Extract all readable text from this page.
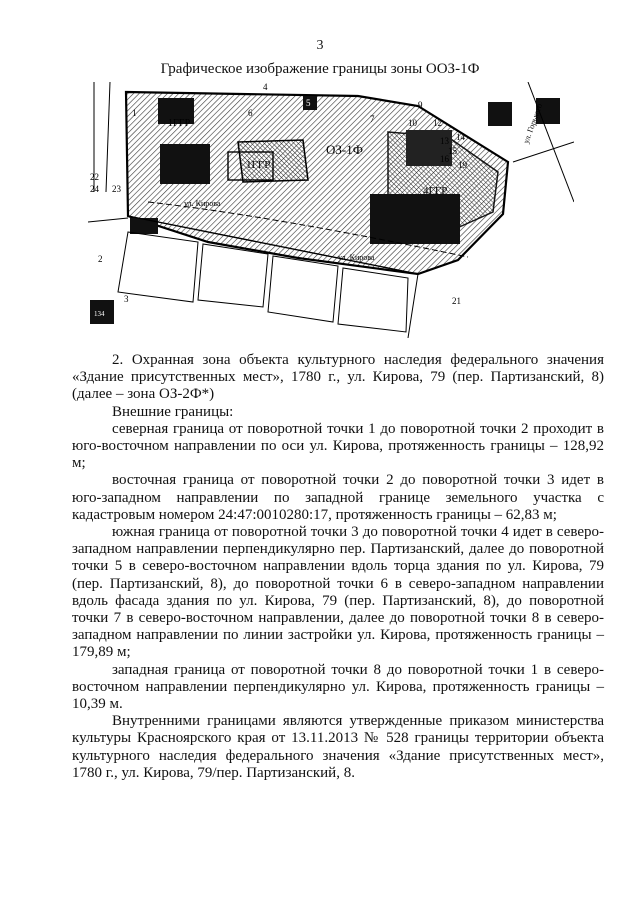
3
Графическое изображение границы зоны ООЗ-1Ф
ОЗ-1Ф
1ГГР
4ГГР
1ГГР
ул. Кирова
ул. Кирова
ул. Горького
1
2
3
4
5
6
7
9
10 12
13 14
15
16
19
21
22
23
24
134

2. Охранная зона объекта культурного наследия федерального значения «Здание присутственных мест», 1780 г., ул. Кирова, 79 (пер. Партизанский, 8) (далее – зона ОЗ-2Ф*)

Внешние границы:

северная граница от поворотной точки 1 до поворотной точки 2 проходит в юго-восточном направлении по оси ул. Кирова, протяженность границы – 128,92 м;

восточная граница от поворотной точки 2 до поворотной точки 3 идет в юго-западном направлении по западной границе земельного участка с кадастровым номером 24:47:0010280:17, протяженность границы – 62,83 м;

южная граница от поворотной точки 3 до поворотной точки 4 идет в северо-западном направлении перпендикулярно пер. Партизанский, далее до поворотной точки 5 в северо-восточном направлении вдоль торца здания по ул. Кирова, 79 (пер. Партизанский, 8), до поворотной точки 6 в северо-западном направлении вдоль фасада здания по ул. Кирова, 79 (пер. Партизанский, 8), до поворотной точки 7 в северо-восточном направлении, далее до поворотной точки 8 в северо-западном направлении по линии застройки ул. Кирова, протяженность границы – 179,89 м;

западная граница от поворотной точки 8 до поворотной точки 1 в северо-восточном направлении перпендикулярно ул. Кирова, протяженность границы – 10,39 м.

Внутренними границами являются утвержденные приказом министерства культуры Красноярского края от 13.11.2013 № 528 границы территории объекта культурного наследия федерального значения «Здание присутственных мест», 1780 г., ул. Кирова, 79/пер. Партизанский, 8.
